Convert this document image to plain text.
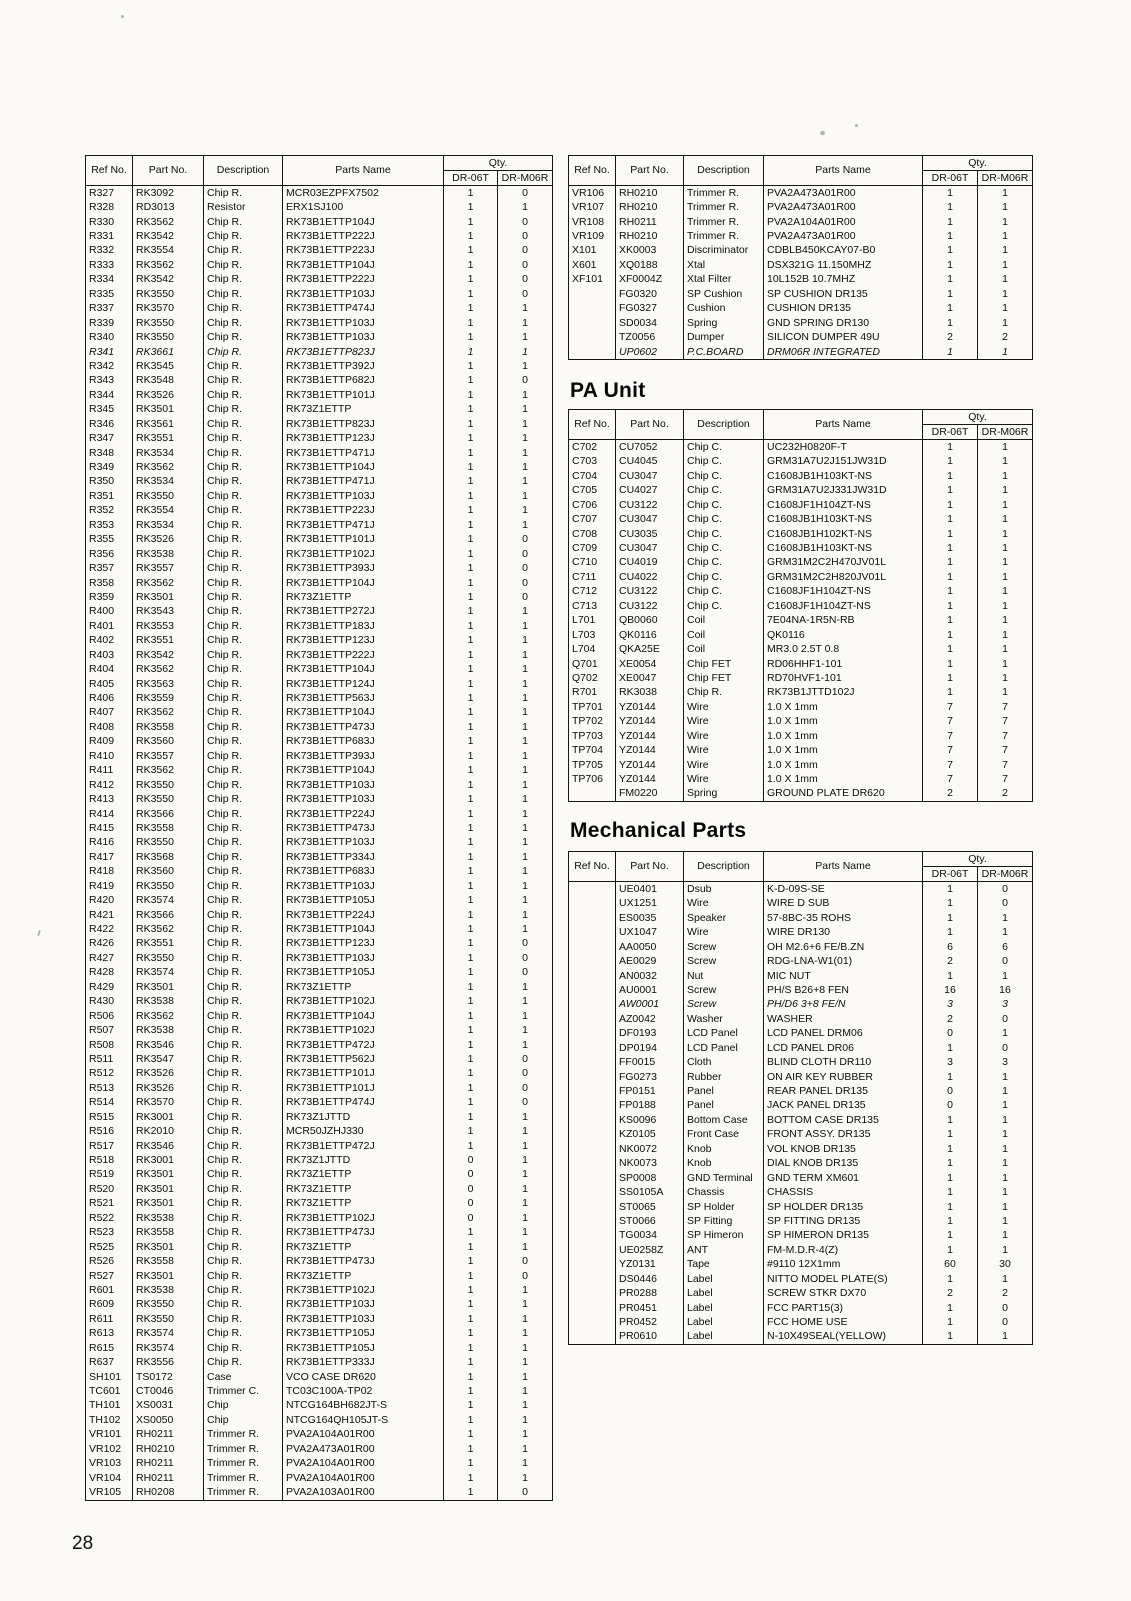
Ref No.	Part No.	Description	Parts Name	Qty.	
				DR-06T	DR-M06R
R327	RK3092	Chip R.	MCR03EZPFX7502	1	0
R328	RD3013	Resistor	ERX1SJ100	1	1
R330	RK3562	Chip R.	RK73B1ETTP104J	1	0
R331	RK3542	Chip R.	RK73B1ETTP222J	1	0
R332	RK3554	Chip R.	RK73B1ETTP223J	1	0
R333	RK3562	Chip R.	RK73B1ETTP104J	1	0
R334	RK3542	Chip R.	RK73B1ETTP222J	1	0
R335	RK3550	Chip R.	RK73B1ETTP103J	1	0
R337	RK3570	Chip R.	RK73B1ETTP474J	1	1
R339	RK3550	Chip R.	RK73B1ETTP103J	1	1
R340	RK3550	Chip R.	RK73B1ETTP103J	1	1
R341	RK3661	Chip R.	RK73B1ETTP823J	1	1
R342	RK3545	Chip R.	RK73B1ETTP392J	1	1
R343	RK3548	Chip R.	RK73B1ETTP682J	1	0
R344	RK3526	Chip R.	RK73B1ETTP101J	1	1
R345	RK3501	Chip R.	RK73Z1ETTP	1	1
R346	RK3561	Chip R.	RK73B1ETTP823J	1	1
R347	RK3551	Chip R.	RK73B1ETTP123J	1	1
R348	RK3534	Chip R.	RK73B1ETTP471J	1	1
R349	RK3562	Chip R.	RK73B1ETTP104J	1	1
R350	RK3534	Chip R.	RK73B1ETTP471J	1	1
R351	RK3550	Chip R.	RK73B1ETTP103J	1	1
R352	RK3554	Chip R.	RK73B1ETTP223J	1	1
R353	RK3534	Chip R.	RK73B1ETTP471J	1	1
R355	RK3526	Chip R.	RK73B1ETTP101J	1	0
R356	RK3538	Chip R.	RK73B1ETTP102J	1	0
R357	RK3557	Chip R.	RK73B1ETTP393J	1	0
R358	RK3562	Chip R.	RK73B1ETTP104J	1	0
R359	RK3501	Chip R.	RK73Z1ETTP	1	0
R400	RK3543	Chip R.	RK73B1ETTP272J	1	1
R401	RK3553	Chip R.	RK73B1ETTP183J	1	1
R402	RK3551	Chip R.	RK73B1ETTP123J	1	1
R403	RK3542	Chip R.	RK73B1ETTP222J	1	1
R404	RK3562	Chip R.	RK73B1ETTP104J	1	1
R405	RK3563	Chip R.	RK73B1ETTP124J	1	1
R406	RK3559	Chip R.	RK73B1ETTP563J	1	1
R407	RK3562	Chip R.	RK73B1ETTP104J	1	1
R408	RK3558	Chip R.	RK73B1ETTP473J	1	1
R409	RK3560	Chip R.	RK73B1ETTP683J	1	1
R410	RK3557	Chip R.	RK73B1ETTP393J	1	1
R411	RK3562	Chip R.	RK73B1ETTP104J	1	1
R412	RK3550	Chip R.	RK73B1ETTP103J	1	1
R413	RK3550	Chip R.	RK73B1ETTP103J	1	1
R414	RK3566	Chip R.	RK73B1ETTP224J	1	1
R415	RK3558	Chip R.	RK73B1ETTP473J	1	1
R416	RK3550	Chip R.	RK73B1ETTP103J	1	1
R417	RK3568	Chip R.	RK73B1ETTP334J	1	1
R418	RK3560	Chip R.	RK73B1ETTP683J	1	1
R419	RK3550	Chip R.	RK73B1ETTP103J	1	1
R420	RK3574	Chip R.	RK73B1ETTP105J	1	1
R421	RK3566	Chip R.	RK73B1ETTP224J	1	1
R422	RK3562	Chip R.	RK73B1ETTP104J	1	1
R426	RK3551	Chip R.	RK73B1ETTP123J	1	0
R427	RK3550	Chip R.	RK73B1ETTP103J	1	0
R428	RK3574	Chip R.	RK73B1ETTP105J	1	0
R429	RK3501	Chip R.	RK73Z1ETTP	1	1
R430	RK3538	Chip R.	RK73B1ETTP102J	1	1
R506	RK3562	Chip R.	RK73B1ETTP104J	1	1
R507	RK3538	Chip R.	RK73B1ETTP102J	1	1
R508	RK3546	Chip R.	RK73B1ETTP472J	1	1
R511	RK3547	Chip R.	RK73B1ETTP562J	1	0
R512	RK3526	Chip R.	RK73B1ETTP101J	1	0
R513	RK3526	Chip R.	RK73B1ETTP101J	1	0
R514	RK3570	Chip R.	RK73B1ETTP474J	1	0
R515	RK3001	Chip R.	RK73Z1JTTD	1	1
R516	RK2010	Chip R.	MCR50JZHJ330	1	1
R517	RK3546	Chip R.	RK73B1ETTP472J	1	1
R518	RK3001	Chip R.	RK73Z1JTTD	0	1
R519	RK3501	Chip R.	RK73Z1ETTP	0	1
R520	RK3501	Chip R.	RK73Z1ETTP	0	1
R521	RK3501	Chip R.	RK73Z1ETTP	0	1
R522	RK3538	Chip R.	RK73B1ETTP102J	0	1
R523	RK3558	Chip R.	RK73B1ETTP473J	1	1
R525	RK3501	Chip R.	RK73Z1ETTP	1	1
R526	RK3558	Chip R.	RK73B1ETTP473J	1	0
R527	RK3501	Chip R.	RK73Z1ETTP	1	0
R601	RK3538	Chip R.	RK73B1ETTP102J	1	1
R609	RK3550	Chip R.	RK73B1ETTP103J	1	1
R611	RK3550	Chip R.	RK73B1ETTP103J	1	1
R613	RK3574	Chip R.	RK73B1ETTP105J	1	1
R615	RK3574	Chip R.	RK73B1ETTP105J	1	1
R637	RK3556	Chip R.	RK73B1ETTP333J	1	1
SH101	TS0172	Case	VCO CASE DR620	1	1
TC601	CT0046	Trimmer C.	TC03C100A-TP02	1	1
TH101	XS0031	Chip	NTCG164BH682JT-S	1	1
TH102	XS0050	Chip	NTCG164QH105JT-S	1	1
VR101	RH0211	Trimmer R.	PVA2A104A01R00	1	1
VR102	RH0210	Trimmer R.	PVA2A473A01R00	1	1
VR103	RH0211	Trimmer R.	PVA2A104A01R00	1	1
VR104	RH0211	Trimmer R.	PVA2A104A01R00	1	1
VR105	RH0208	Trimmer R.	PVA2A103A01R00	1	0
Ref No.	Part No.	Description	Parts Name	Qty.	
				DR-06T	DR-M06R
VR106	RH0210	Trimmer R.	PVA2A473A01R00	1	1
VR107	RH0210	Trimmer R.	PVA2A473A01R00	1	1
VR108	RH0211	Trimmer R.	PVA2A104A01R00	1	1
VR109	RH0210	Trimmer R.	PVA2A473A01R00	1	1
X101	XK0003	Discriminator	CDBLB450KCAY07-B0	1	1
X601	XQ0188	Xtal	DSX321G 11.150MHZ	1	1
XF101	XF0004Z	Xtal Filter	10L152B 10.7MHZ	1	1
	FG0320	SP Cushion	SP CUSHION DR135	1	1
	FG0327	Cushion	CUSHION DR135	1	1
	SD0034	Spring	GND SPRING DR130	1	1
	TZ0056	Dumper	SILICON DUMPER 49U	2	2
	UP0602	P.C.BOARD	DRM06R INTEGRATED	1	1
PA Unit
Ref No.	Part No.	Description	Parts Name	Qty.	
				DR-06T	DR-M06R
C702	CU7052	Chip C.	UC232H0820F-T	1	1
C703	CU4045	Chip C.	GRM31A7U2J151JW31D	1	1
C704	CU3047	Chip C.	C1608JB1H103KT-NS	1	1
C705	CU4027	Chip C.	GRM31A7U2J331JW31D	1	1
C706	CU3122	Chip C.	C1608JF1H104ZT-NS	1	1
C707	CU3047	Chip C.	C1608JB1H103KT-NS	1	1
C708	CU3035	Chip C.	C1608JB1H102KT-NS	1	1
C709	CU3047	Chip C.	C1608JB1H103KT-NS	1	1
C710	CU4019	Chip C.	GRM31M2C2H470JV01L	1	1
C711	CU4022	Chip C.	GRM31M2C2H820JV01L	1	1
C712	CU3122	Chip C.	C1608JF1H104ZT-NS	1	1
C713	CU3122	Chip C.	C1608JF1H104ZT-NS	1	1
L701	QB0060	Coil	7E04NA-1R5N-RB	1	1
L703	QK0116	Coil	QK0116	1	1
L704	QKA25E	Coil	MR3.0 2.5T 0.8	1	1
Q701	XE0054	Chip FET	RD06HHF1-101	1	1
Q702	XE0047	Chip FET	RD70HVF1-101	1	1
R701	RK3038	Chip R.	RK73B1JTTD102J	1	1
TP701	YZ0144	Wire	1.0 X 1mm	7	7
TP702	YZ0144	Wire	1.0 X 1mm	7	7
TP703	YZ0144	Wire	1.0 X 1mm	7	7
TP704	YZ0144	Wire	1.0 X 1mm	7	7
TP705	YZ0144	Wire	1.0 X 1mm	7	7
TP706	YZ0144	Wire	1.0 X 1mm	7	7
	FM0220	Spring	GROUND PLATE DR620	2	2
Mechanical Parts
Ref No.	Part No.	Description	Parts Name	Qty.	
				DR-06T	DR-M06R
	UE0401	Dsub	K-D-09S-SE	1	0
	UX1251	Wire	WIRE D SUB	1	0
	ES0035	Speaker	57-8BC-35 ROHS	1	1
	UX1047	Wire	WIRE DR130	1	1
	AA0050	Screw	OH M2.6+6 FE/B.ZN	6	6
	AE0029	Screw	RDG-LNA-W1(01)	2	0
	AN0032	Nut	MIC NUT	1	1
	AU0001	Screw	PH/S B26+8 FEN	16	16
	AW0001	Screw	PH/D6 3+8 FE/N	3	3
	AZ0042	Washer	WASHER	2	0
	DF0193	LCD Panel	LCD PANEL DRM06	0	1
	DP0194	LCD Panel	LCD PANEL DR06	1	0
	FF0015	Cloth	BLIND CLOTH DR110	3	3
	FG0273	Rubber	ON AIR KEY RUBBER	1	1
	FP0151	Panel	REAR PANEL DR135	0	1
	FP0188	Panel	JACK PANEL DR135	0	1
	KS0096	Bottom Case	BOTTOM CASE DR135	1	1
	KZ0105	Front Case	FRONT ASSY. DR135	1	1
	NK0072	Knob	VOL KNOB DR135	1	1
	NK0073	Knob	DIAL KNOB DR135	1	1
	SP0008	GND Terminal	GND TERM XM601	1	1
	SS0105A	Chassis	CHASSIS	1	1
	ST0065	SP Holder	SP HOLDER DR135	1	1
	ST0066	SP Fitting	SP FITTING DR135	1	1
	TG0034	SP Himeron	SP HIMERON DR135	1	1
	UE0258Z	ANT	FM-M.D.R-4(Z)	1	1
	YZ0131	Tape	#9110 12X1mm	60	30
	DS0446	Label	NITTO MODEL PLATE(S)	1	1
	PR0288	Label	SCREW STKR DX70	2	2
	PR0451	Label	FCC PART15(3)	1	0
	PR0452	Label	FCC HOME USE	1	0
	PR0610	Label	N-10X49SEAL(YELLOW)	1	1
28
